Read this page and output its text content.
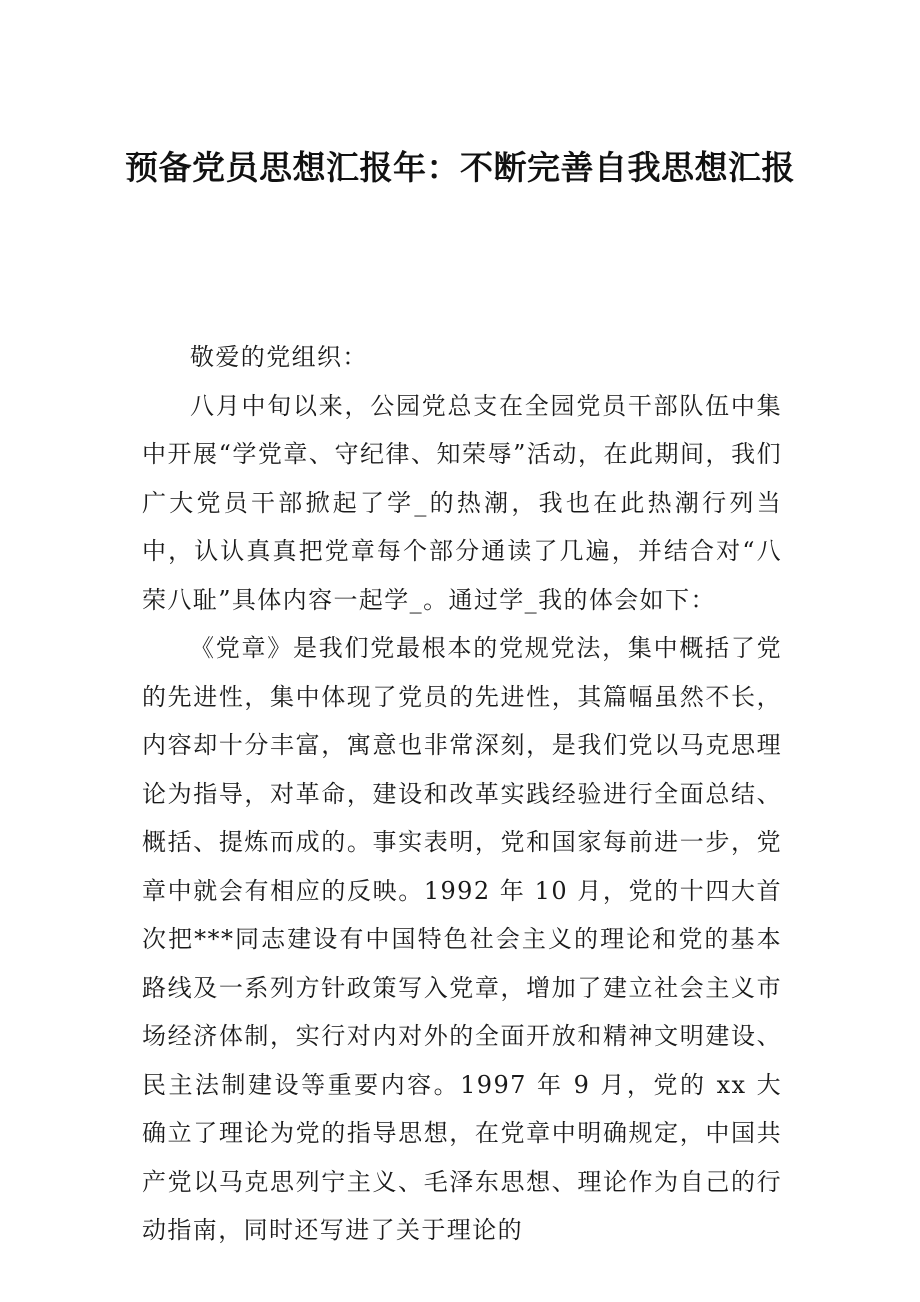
预备党员思想汇报年：不断完善自我思想汇报

敬爱的党组织：

八月中旬以来，公园党总支在全园党员干部队伍中集中开展“学党章、守纪律、知荣辱”活动，在此期间，我们广大党员干部掀起了学_的热潮，我也在此热潮行列当中，认认真真把党章每个部分通读了几遍，并结合对“八荣八耻”具体内容一起学_。通过学_我的体会如下：

《党章》是我们党最根本的党规党法，集中概括了党的先进性，集中体现了党员的先进性，其篇幅虽然不长，内容却十分丰富，寓意也非常深刻，是我们党以马克思理论为指导，对革命，建设和改革实践经验进行全面总结、概括、提炼而成的。事实表明，党和国家每前进一步，党章中就会有相应的反映。1992 年 10 月，党的十四大首次把***同志建设有中国特色社会主义的理论和党的基本路线及一系列方针政策写入党章，增加了建立社会主义市场经济体制，实行对内对外的全面开放和精神文明建设、民主法制建设等重要内容。1997 年 9 月，党的 xx 大确立了理论为党的指导思想，在党章中明确规定，中国共产党以马克思列宁主义、毛泽东思想、理论作为自己的行动指南，同时还写进了关于理论的
